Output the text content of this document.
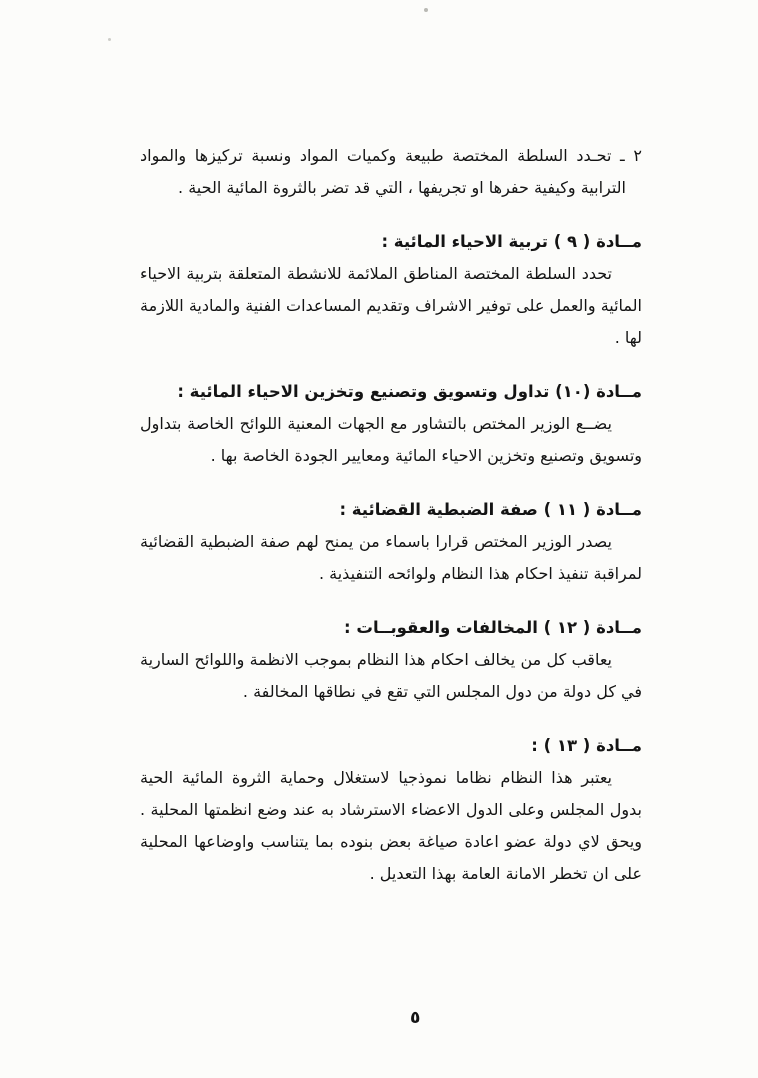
٢ ـ تحـدد السلطة المختصة طبيعة وكميات المواد ونسبة تركيزها والمواد الترابية وكيفية حفرها او تجريفها ، التي قد تضر بالثروة المائية الحية .

مــادة ( ٩ ) تربية الاحياء المائية :

تحدد السلطة المختصة المناطق الملائمة للانشطة المتعلقة بتربية الاحياء المائية والعمل على توفير الاشراف وتقديم المساعدات الفنية والمادية اللازمة لها .

مــادة (١٠) تداول وتسويق وتصنيع وتخزين الاحياء المائية :

يضــع الوزير المختص بالتشاور مع الجهات المعنية اللوائح الخاصة بتداول وتسويق وتصنيع وتخزين الاحياء المائية ومعايير الجودة الخاصة بها .

مــادة ( ١١ ) صفة الضبطية القضائية :

يصدر الوزير المختص قرارا باسماء من يمنح لهم صفة الضبطية القضائية لمراقبة تنفيذ احكام هذا النظام ولوائحه التنفيذية .

مــادة ( ١٢ ) المخالفات والعقوبــات :

يعاقب كل من يخالف احكام هذا النظام بموجب الانظمة واللوائح السارية في كل دولة من دول المجلس التي تقع في نطاقها المخالفة .

مــادة ( ١٣ ) :

يعتبر هذا النظام نظاما نموذجيا لاستغلال وحماية الثروة المائية الحية بدول المجلس وعلى الدول الاعضاء الاسترشاد به عند وضع انظمتها المحلية . ويحق لاي دولة عضو اعادة صياغة بعض بنوده بما يتناسب واوضاعها المحلية على ان تخطر الامانة العامة بهذا التعديل .

٥
